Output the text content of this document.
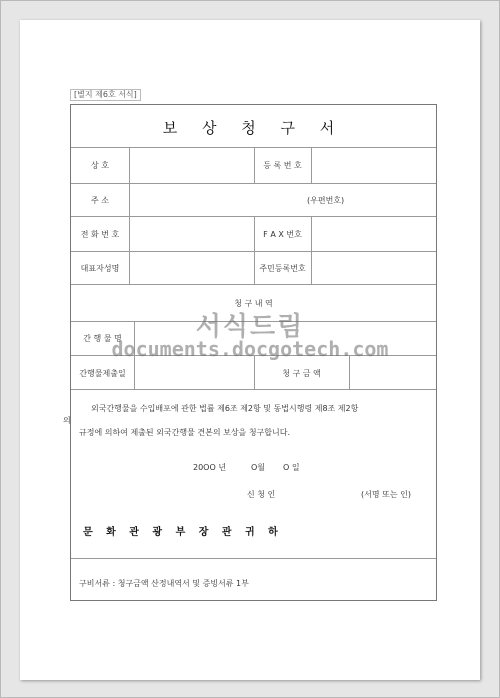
[별지 제6호 서식]
보 상 청 구 서
상 호	등 록 번 호
주 소	(우편번호)
전 화 번 호	F A X 번호
대표자성명	주민등록번호
청 구 내 역
간 행 물 명
간행물제출일	청 구 금 액
외국간행물을 수입배포에 관한 법률 제6조 제2항 및 동법시행령 제8조 제2항
의
규정에 의하여 제출된 외국간행물 견본의 보상을 청구합니다.
20OO 년	O월 O 일
신 청 인	(서명 또는 인)
문 화 관 광 부 장 관 귀 하
구비서류 : 청구금액 산정내역서 및 증빙서류 1부
서식드림
documents.docgotech.com
